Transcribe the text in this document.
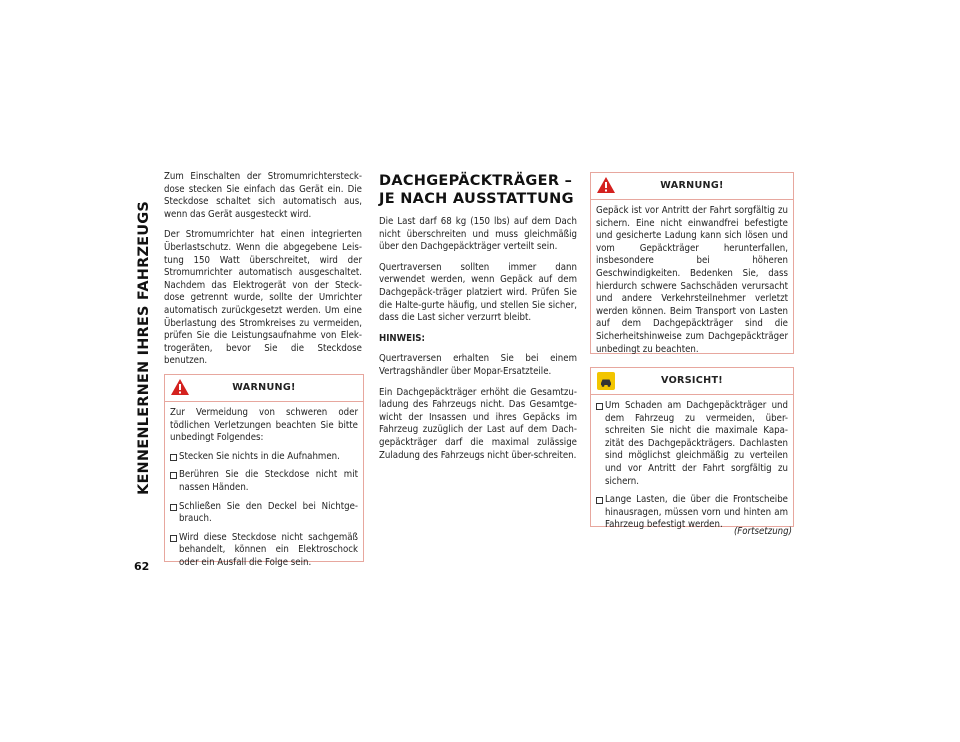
KENNENLERNEN IHRES FAHRZEUGS
62

Zum Einschalten der Stromumrichtersteck-dose stecken Sie einfach das Gerät ein. Die Steckdose schaltet sich automatisch aus, wenn das Gerät ausgesteckt wird.

Der Stromumrichter hat einen integrierten Überlastschutz. Wenn die abgegebene Leis-tung 150 Watt überschreitet, wird der Stromumrichter automatisch ausgeschaltet. Nachdem das Elektrogerät von der Steck-dose getrennt wurde, sollte der Umrichter automatisch zurückgesetzt werden. Um eine Überlastung des Stromkreises zu vermeiden, prüfen Sie die Leistungsaufnahme von Elek-trogeräten, bevor Sie die Steckdose benutzen.

WARNUNG!

Zur Vermeidung von schweren oder tödlichen Verletzungen beachten Sie bitte unbedingt Folgendes:

Stecken Sie nichts in die Aufnahmen.
Berühren Sie die Steckdose nicht mit nassen Händen.
Schließen Sie den Deckel bei Nichtge-brauch.
Wird diese Steckdose nicht sachgemäß behandelt, können ein Elektroschock oder ein Ausfall die Folge sein.
DACHGEPÄCKTRÄGER – JE NACH AUSSTATTUNG

Die Last darf 68 kg (150 lbs) auf dem Dach nicht überschreiten und muss gleichmäßig über den Dachgepäckträger verteilt sein.

Quertraversen sollten immer dann verwendet werden, wenn Gepäck auf dem Dachgepäck-träger platziert wird. Prüfen Sie die Halte-gurte häufig, und stellen Sie sicher, dass die Last sicher verzurrt bleibt.

HINWEIS:

Quertraversen erhalten Sie bei einem Vertragshändler über Mopar-Ersatzteile.

Ein Dachgepäckträger erhöht die Gesamtzu-ladung des Fahrzeugs nicht. Das Gesamtge-wicht der Insassen und ihres Gepäcks im Fahrzeug zuzüglich der Last auf dem Dach-gepäckträger darf die maximal zulässige Zuladung des Fahrzeugs nicht über-schreiten.

WARNUNG!

Gepäck ist vor Antritt der Fahrt sorgfältig zu sichern. Eine nicht einwandfrei befestigte und gesicherte Ladung kann sich lösen und vom Gepäckträger herunterfallen, insbesondere bei höheren Geschwindigkeiten. Bedenken Sie, dass hierdurch schwere Sachschäden verursacht und andere Verkehrsteilnehmer verletzt werden können. Beim Transport von Lasten auf dem Dachgepäckträger sind die Sicherheitshinweise zum Dachgepäckträger unbedingt zu beachten.

VORSICHT!
Um Schaden am Dachgepäckträger und dem Fahrzeug zu vermeiden, über-schreiten Sie nicht die maximale Kapa-zität des Dachgepäckträgers. Dachlasten sind möglichst gleichmäßig zu verteilen und vor Antritt der Fahrt sorgfältig zu sichern.
Lange Lasten, die über die Frontscheibe hinausragen, müssen vorn und hinten am Fahrzeug befestigt werden.
(Fortsetzung)
